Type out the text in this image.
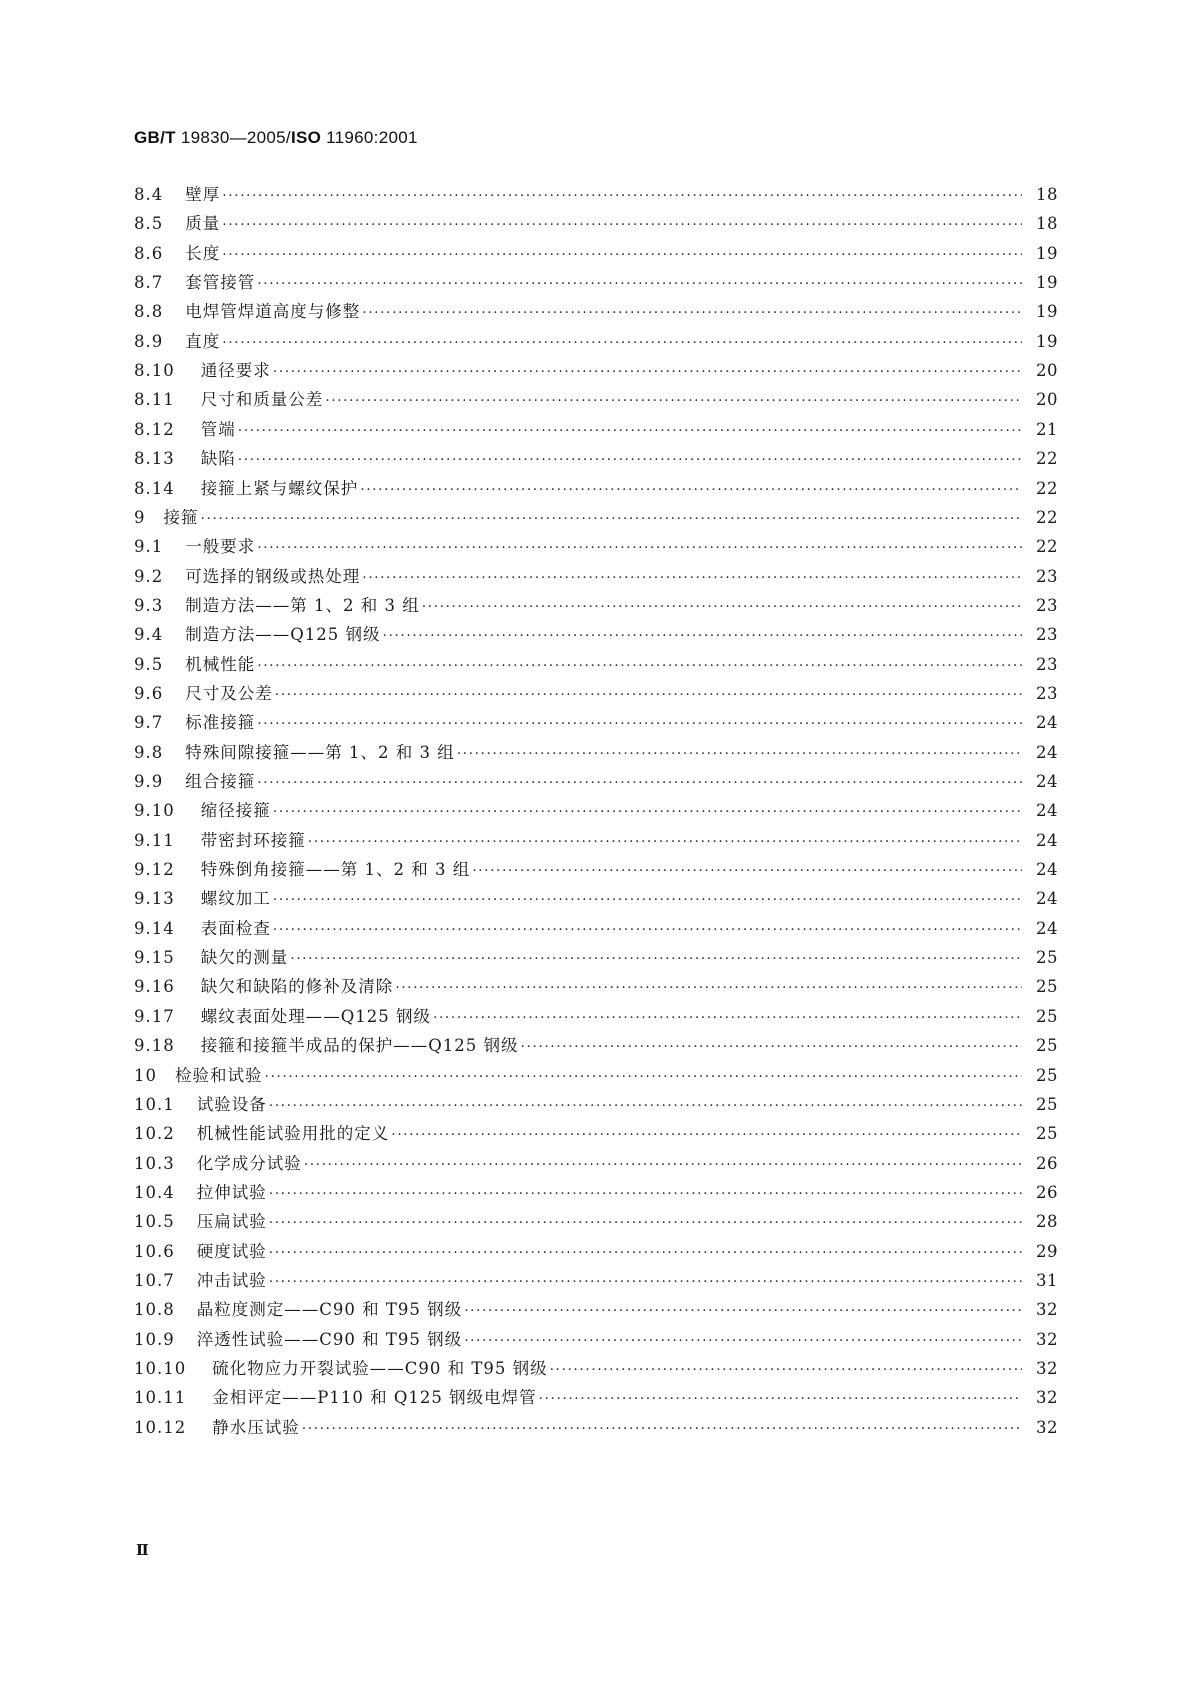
GB/T 19830—2005/ISO 11960:2001
8.4 壁厚 ·····	18
8.5 质量 ·····	18
8.6 长度 ·····	19
8.7 套管接管 ·····	19
8.8 电焊管焊道高度与修整 ·····	19
8.9 直度 ·····	19
8.10 通径要求 ·····	20
8.11 尺寸和质量公差 ·····	20
8.12 管端 ·····	21
8.13 缺陷 ·····	22
8.14 接箍上紧与螺纹保护 ·····	22
9 接箍 ·····	22
9.1 一般要求 ·····	22
9.2 可选择的钢级或热处理 ·····	23
9.3 制造方法——第 1、2 和 3 组 ·····	23
9.4 制造方法——Q125 钢级 ·····	23
9.5 机械性能 ·····	23
9.6 尺寸及公差 ·····	23
9.7 标准接箍 ·····	24
9.8 特殊间隙接箍——第 1、2 和 3 组 ·····	24
9.9 组合接箍 ·····	24
9.10 缩径接箍 ·····	24
9.11 带密封环接箍 ·····	24
9.12 特殊倒角接箍——第 1、2 和 3 组 ·····	24
9.13 螺纹加工 ·····	24
9.14 表面检查 ·····	24
9.15 缺欠的测量 ·····	25
9.16 缺欠和缺陷的修补及清除 ·····	25
9.17 螺纹表面处理——Q125 钢级 ·····	25
9.18 接箍和接箍半成品的保护——Q125 钢级 ·····	25
10 检验和试验 ·····	25
10.1 试验设备 ·····	25
10.2 机械性能试验用批的定义 ·····	25
10.3 化学成分试验 ·····	26
10.4 拉伸试验 ·····	26
10.5 压扁试验 ·····	28
10.6 硬度试验 ·····	29
10.7 冲击试验 ·····	31
10.8 晶粒度测定——C90 和 T95 钢级 ·····	32
10.9 淬透性试验——C90 和 T95 钢级 ·····	32
10.10 硫化物应力开裂试验——C90 和 T95 钢级 ·····	32
10.11 金相评定——P110 和 Q125 钢级电焊管 ·····	32
10.12 静水压试验 ·····	32
Ⅱ
